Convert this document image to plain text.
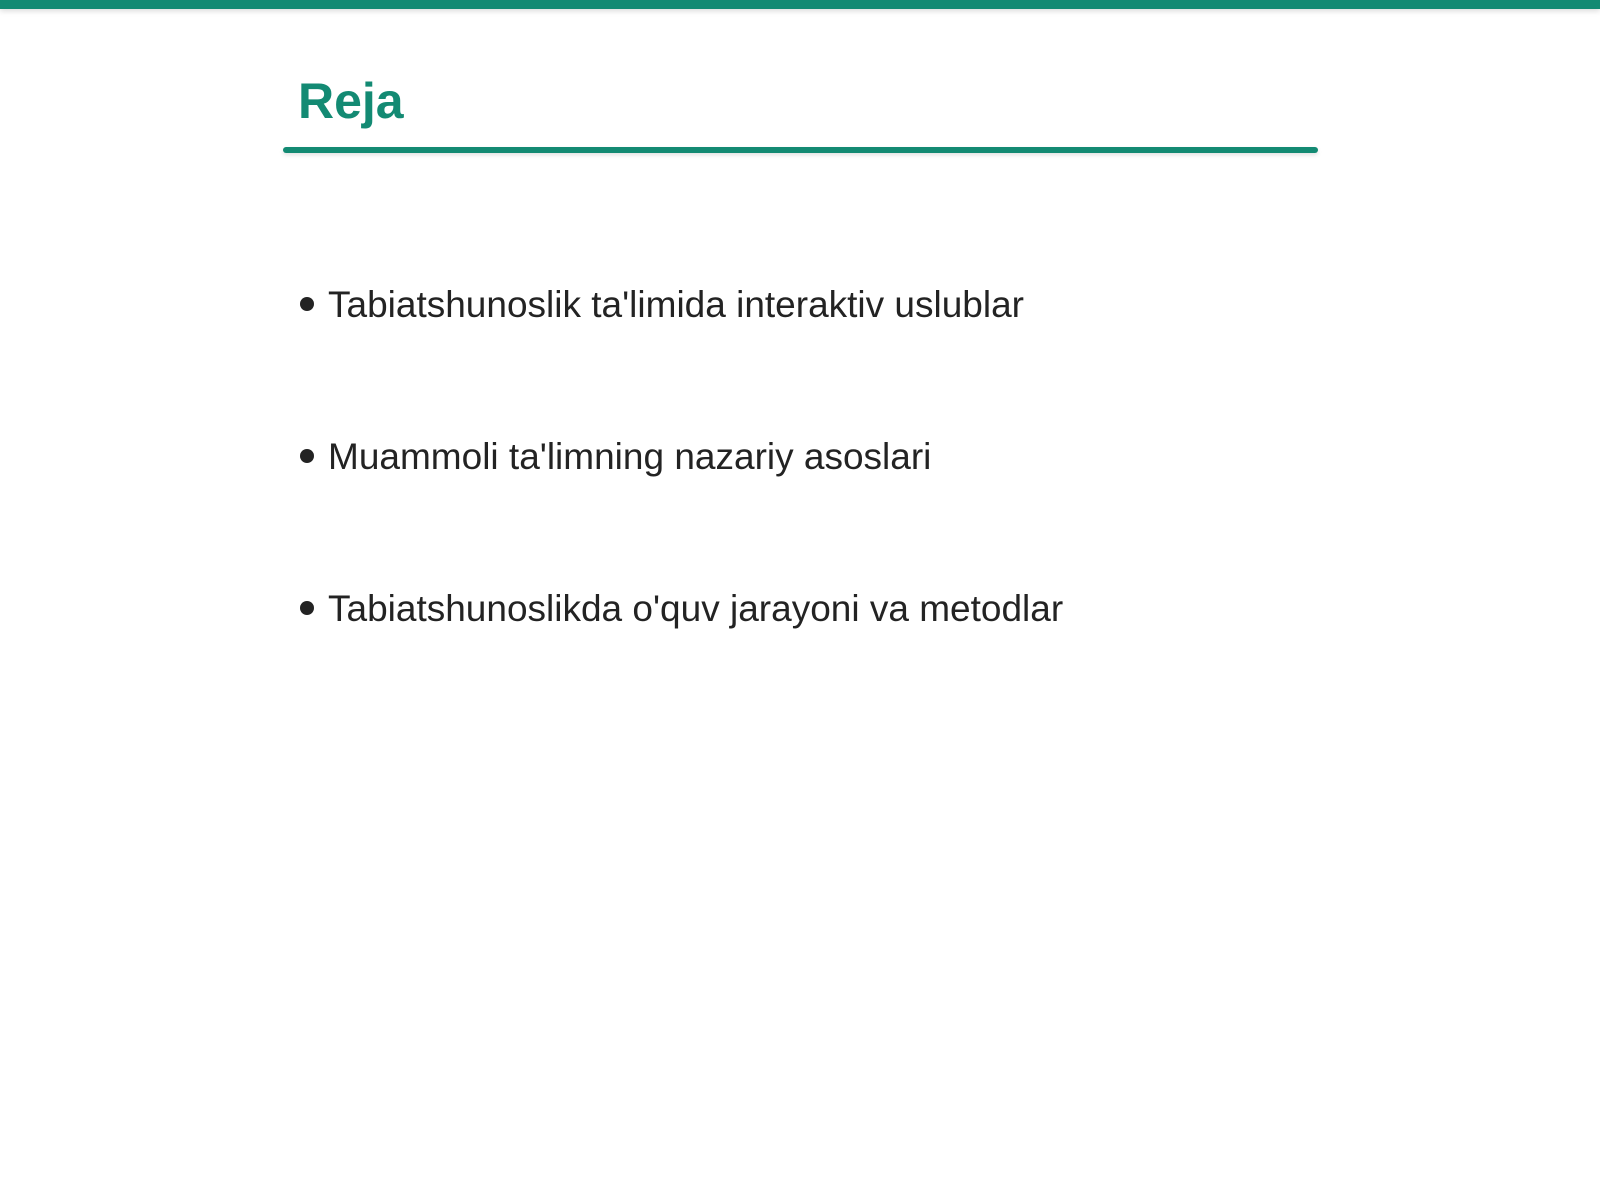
Reja
Tabiatshunoslik ta'limida interaktiv uslublar
Muammoli ta'limning nazariy asoslari
Tabiatshunoslikda o'quv jarayoni va metodlar
